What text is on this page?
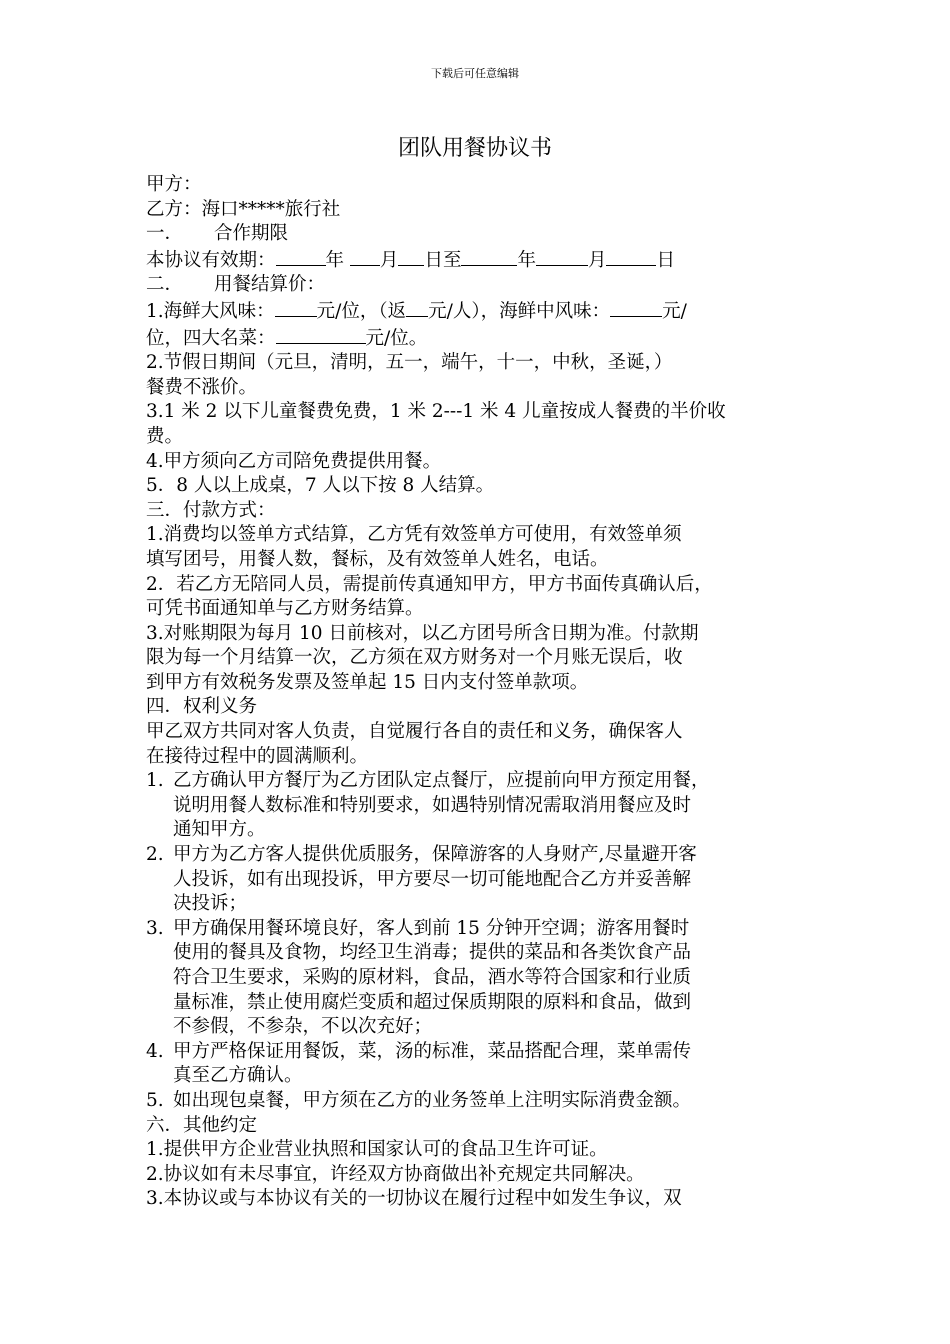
下载后可任意编辑
团队用餐协议书

甲方：

乙方：海口*****旅行社

一．	合作期限

本协议有效期：	年 月 日至	年	月	日

二．	用餐结算价：

1.海鲜大风味： 元/位，（返 元/人），海鲜中风味：	元/

位，四大名菜：	元/位。

2.节假日期间（元旦，清明，五一，端午，十一，中秋，圣诞，）

餐费不涨价。

3.1 米 2 以下儿童餐费免费，1 米 2---1 米 4 儿童按成人餐费的半价收

费。

4.甲方须向乙方司陪免费提供用餐。

5．8 人以上成桌，7 人以下按 8 人结算。

三．付款方式：

1.消费均以签单方式结算，乙方凭有效签单方可使用，有效签单须

填写团号，用餐人数，餐标，及有效签单人姓名，电话。

2．若乙方无陪同人员，需提前传真通知甲方，甲方书面传真确认后，

可凭书面通知单与乙方财务结算。

3.对账期限为每月 10 日前核对，以乙方团号所含日期为准。付款期

限为每一个月结算一次，乙方须在双方财务对一个月账无误后，收

到甲方有效税务发票及签单起 15 日内支付签单款项。

四．权利义务

甲乙双方共同对客人负责，自觉履行各自的责任和义务，确保客人

在接待过程中的圆满顺利。

1. 乙方确认甲方餐厅为乙方团队定点餐厅，应提前向甲方预定用餐，

说明用餐人数标准和特别要求，如遇特别情况需取消用餐应及时

通知甲方。

2. 甲方为乙方客人提供优质服务，保障游客的人身财产,尽量避开客

人投诉，如有出现投诉，甲方要尽一切可能地配合乙方并妥善解

决投诉；

3. 甲方确保用餐环境良好，客人到前 15 分钟开空调；游客用餐时

使用的餐具及食物，均经卫生消毒；提供的菜品和各类饮食产品

符合卫生要求，采购的原材料，食品，酒水等符合国家和行业质

量标准，禁止使用腐烂变质和超过保质期限的原料和食品，做到

不参假，不参杂，不以次充好；

4. 甲方严格保证用餐饭，菜，汤的标准，菜品搭配合理，菜单需传

真至乙方确认。

5. 如出现包桌餐，甲方须在乙方的业务签单上注明实际消费金额。

六．其他约定

1.提供甲方企业营业执照和国家认可的食品卫生许可证。

2.协议如有未尽事宜，许经双方协商做出补充规定共同解决。

3.本协议或与本协议有关的一切协议在履行过程中如发生争议，双
